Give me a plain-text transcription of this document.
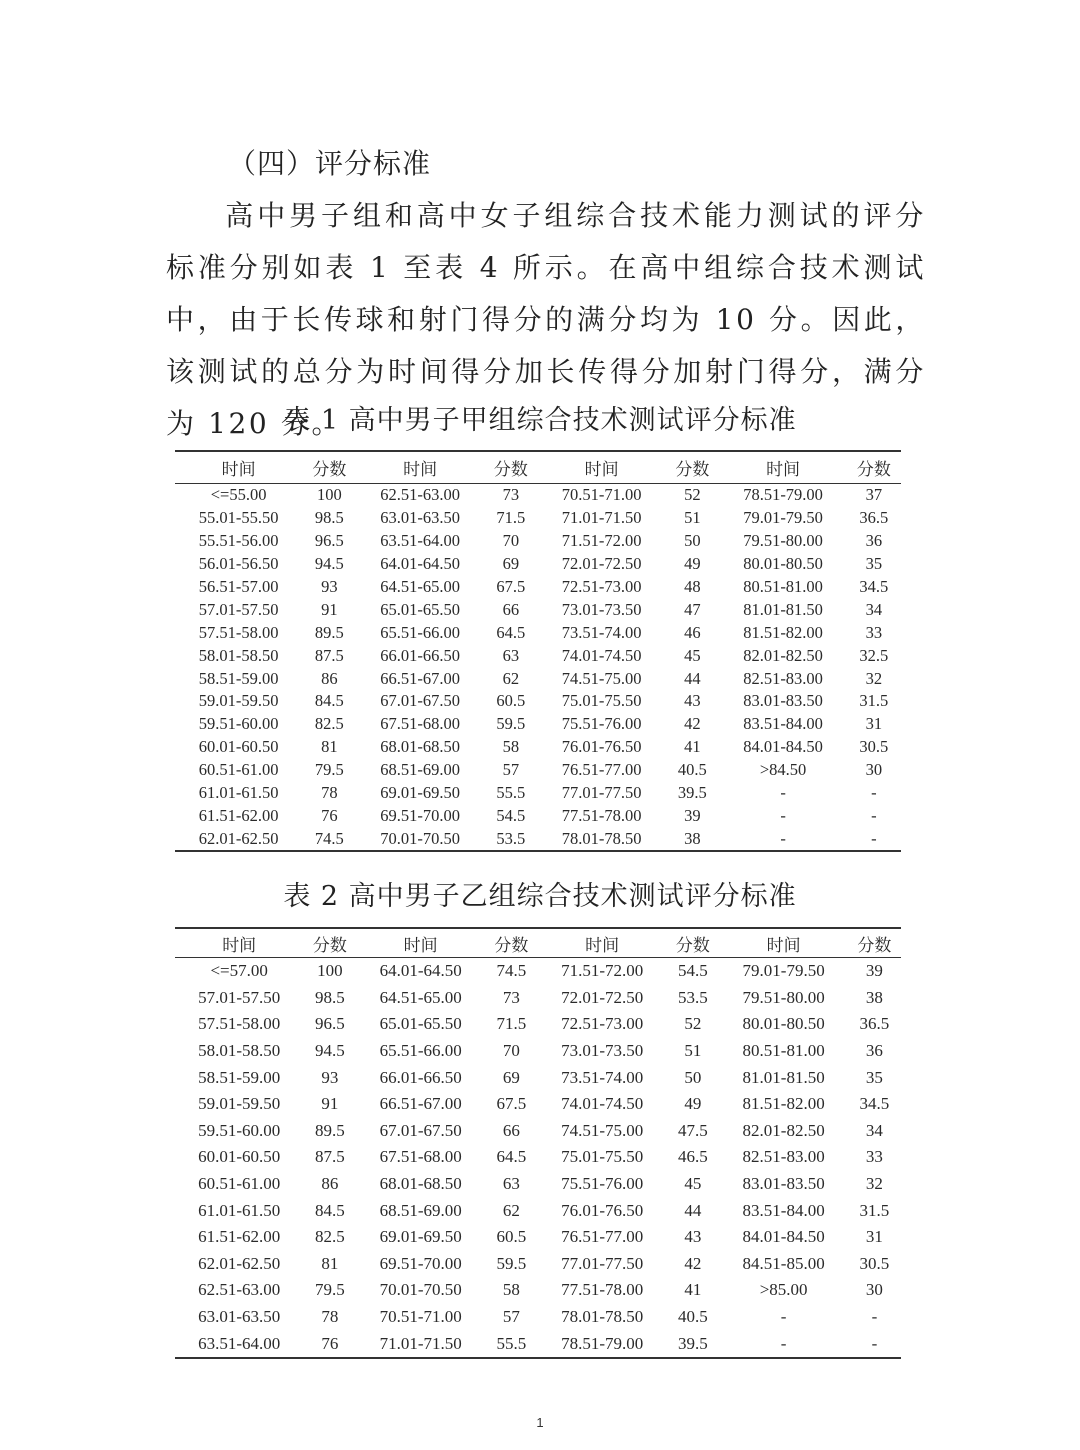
（四）评分标准
高中男子组和高中女子组综合技术能力测试的评分标准分别如表 1 至表 4 所示。在高中组综合技术测试中，由于长传球和射门得分的满分均为 10 分。因此，该测试的总分为时间得分加长传得分加射门得分，满分为 120 分。
表 1 高中男子甲组综合技术测试评分标准
时间	分数	时间	分数	时间	分数	时间	分数
<=55.00	100	62.51-63.00	73	70.51-71.00	52	78.51-79.00	37
55.01-55.50	98.5	63.01-63.50	71.5	71.01-71.50	51	79.01-79.50	36.5
55.51-56.00	96.5	63.51-64.00	70	71.51-72.00	50	79.51-80.00	36
56.01-56.50	94.5	64.01-64.50	69	72.01-72.50	49	80.01-80.50	35
56.51-57.00	93	64.51-65.00	67.5	72.51-73.00	48	80.51-81.00	34.5
57.01-57.50	91	65.01-65.50	66	73.01-73.50	47	81.01-81.50	34
57.51-58.00	89.5	65.51-66.00	64.5	73.51-74.00	46	81.51-82.00	33
58.01-58.50	87.5	66.01-66.50	63	74.01-74.50	45	82.01-82.50	32.5
58.51-59.00	86	66.51-67.00	62	74.51-75.00	44	82.51-83.00	32
59.01-59.50	84.5	67.01-67.50	60.5	75.01-75.50	43	83.01-83.50	31.5
59.51-60.00	82.5	67.51-68.00	59.5	75.51-76.00	42	83.51-84.00	31
60.01-60.50	81	68.01-68.50	58	76.01-76.50	41	84.01-84.50	30.5
60.51-61.00	79.5	68.51-69.00	57	76.51-77.00	40.5	>84.50	30
61.01-61.50	78	69.01-69.50	55.5	77.01-77.50	39.5	-	-
61.51-62.00	76	69.51-70.00	54.5	77.51-78.00	39	-	-
62.01-62.50	74.5	70.01-70.50	53.5	78.01-78.50	38	-	-
表 2 高中男子乙组综合技术测试评分标准
时间	分数	时间	分数	时间	分数	时间	分数
<=57.00	100	64.01-64.50	74.5	71.51-72.00	54.5	79.01-79.50	39
57.01-57.50	98.5	64.51-65.00	73	72.01-72.50	53.5	79.51-80.00	38
57.51-58.00	96.5	65.01-65.50	71.5	72.51-73.00	52	80.01-80.50	36.5
58.01-58.50	94.5	65.51-66.00	70	73.01-73.50	51	80.51-81.00	36
58.51-59.00	93	66.01-66.50	69	73.51-74.00	50	81.01-81.50	35
59.01-59.50	91	66.51-67.00	67.5	74.01-74.50	49	81.51-82.00	34.5
59.51-60.00	89.5	67.01-67.50	66	74.51-75.00	47.5	82.01-82.50	34
60.01-60.50	87.5	67.51-68.00	64.5	75.01-75.50	46.5	82.51-83.00	33
60.51-61.00	86	68.01-68.50	63	75.51-76.00	45	83.01-83.50	32
61.01-61.50	84.5	68.51-69.00	62	76.01-76.50	44	83.51-84.00	31.5
61.51-62.00	82.5	69.01-69.50	60.5	76.51-77.00	43	84.01-84.50	31
62.01-62.50	81	69.51-70.00	59.5	77.01-77.50	42	84.51-85.00	30.5
62.51-63.00	79.5	70.01-70.50	58	77.51-78.00	41	>85.00	30
63.01-63.50	78	70.51-71.00	57	78.01-78.50	40.5	-	-
63.51-64.00	76	71.01-71.50	55.5	78.51-79.00	39.5	-	-
1
